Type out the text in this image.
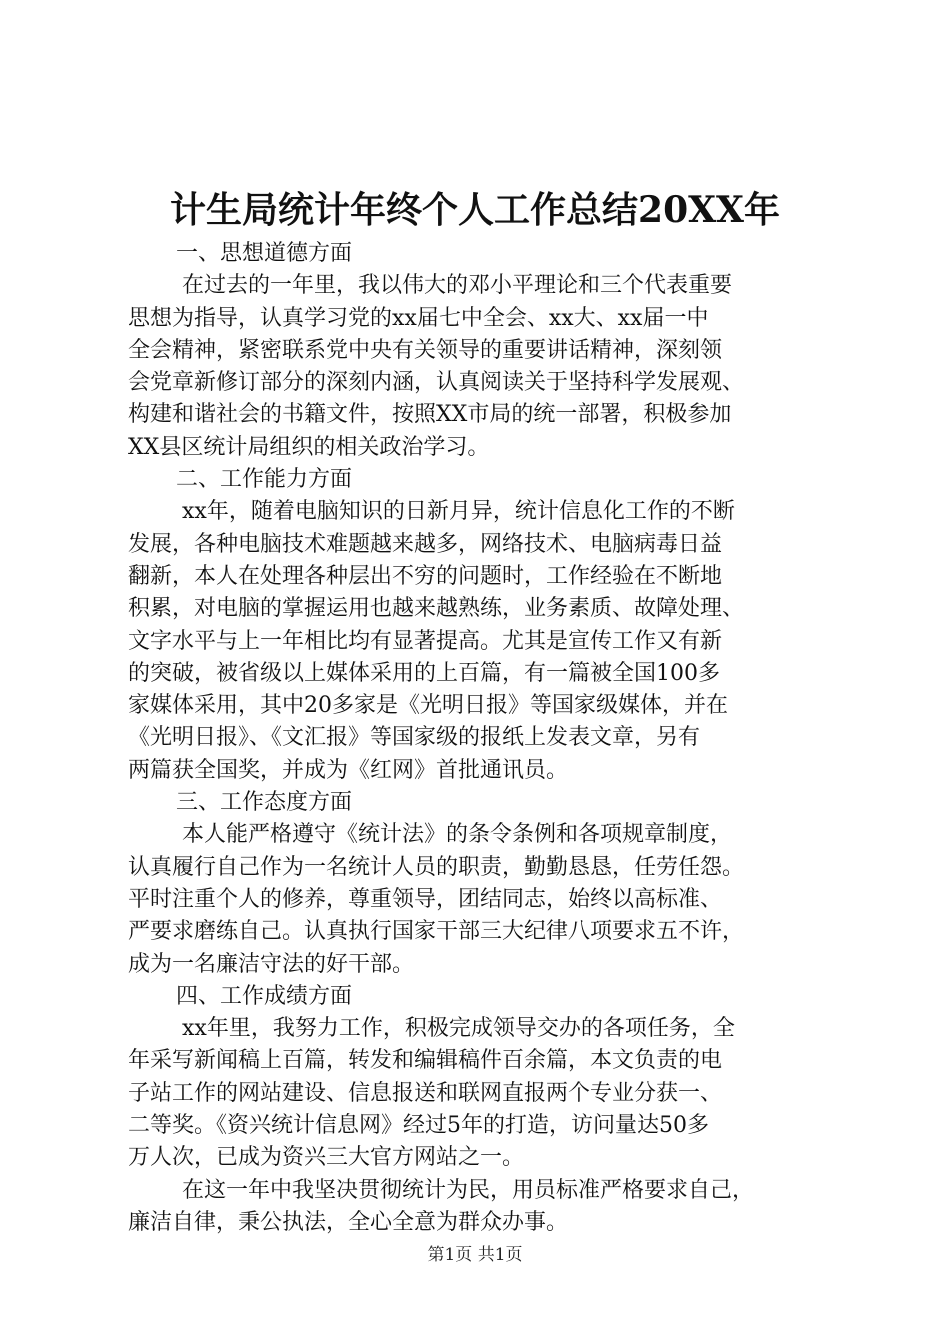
计生局统计年终个人工作总结20XX年
一、思想道德方面
在过去的一年里，我以伟大的邓小平理论和三个代表重要
思想为指导，认真学习党的xx届七中全会、xx大、xx届一中
全会精神，紧密联系党中央有关领导的重要讲话精神，深刻领
会党章新修订部分的深刻内涵，认真阅读关于坚持科学发展观、
构建和谐社会的书籍文件，按照XX市局的统一部署，积极参加
XX县区统计局组织的相关政治学习。
二、工作能力方面
xx年，随着电脑知识的日新月异，统计信息化工作的不断
发展，各种电脑技术难题越来越多，网络技术、电脑病毒日益
翻新，本人在处理各种层出不穷的问题时，工作经验在不断地
积累，对电脑的掌握运用也越来越熟练，业务素质、故障处理、
文字水平与上一年相比均有显著提高。尤其是宣传工作又有新
的突破，被省级以上媒体采用的上百篇，有一篇被全国100多
家媒体采用，其中20多家是《光明日报》等国家级媒体，并在
《光明日报》、《文汇报》等国家级的报纸上发表文章，另有
两篇获全国奖，并成为《红网》首批通讯员。
三、工作态度方面
本人能严格遵守《统计法》的条令条例和各项规章制度，
认真履行自己作为一名统计人员的职责，勤勤恳恳，任劳任怨。
平时注重个人的修养，尊重领导，团结同志，始终以高标准、
严要求磨练自己。认真执行国家干部三大纪律八项要求五不许，
成为一名廉洁守法的好干部。
四、工作成绩方面
xx年里，我努力工作，积极完成领导交办的各项任务，全
年采写新闻稿上百篇，转发和编辑稿件百余篇，本文负责的电
子站工作的网站建设、信息报送和联网直报两个专业分获一、
二等奖。《资兴统计信息网》经过5年的打造，访问量达50多
万人次，已成为资兴三大官方网站之一。
在这一年中我坚决贯彻统计为民，用员标准严格要求自己，
廉洁自律，秉公执法，全心全意为群众办事。
第1页 共1页
